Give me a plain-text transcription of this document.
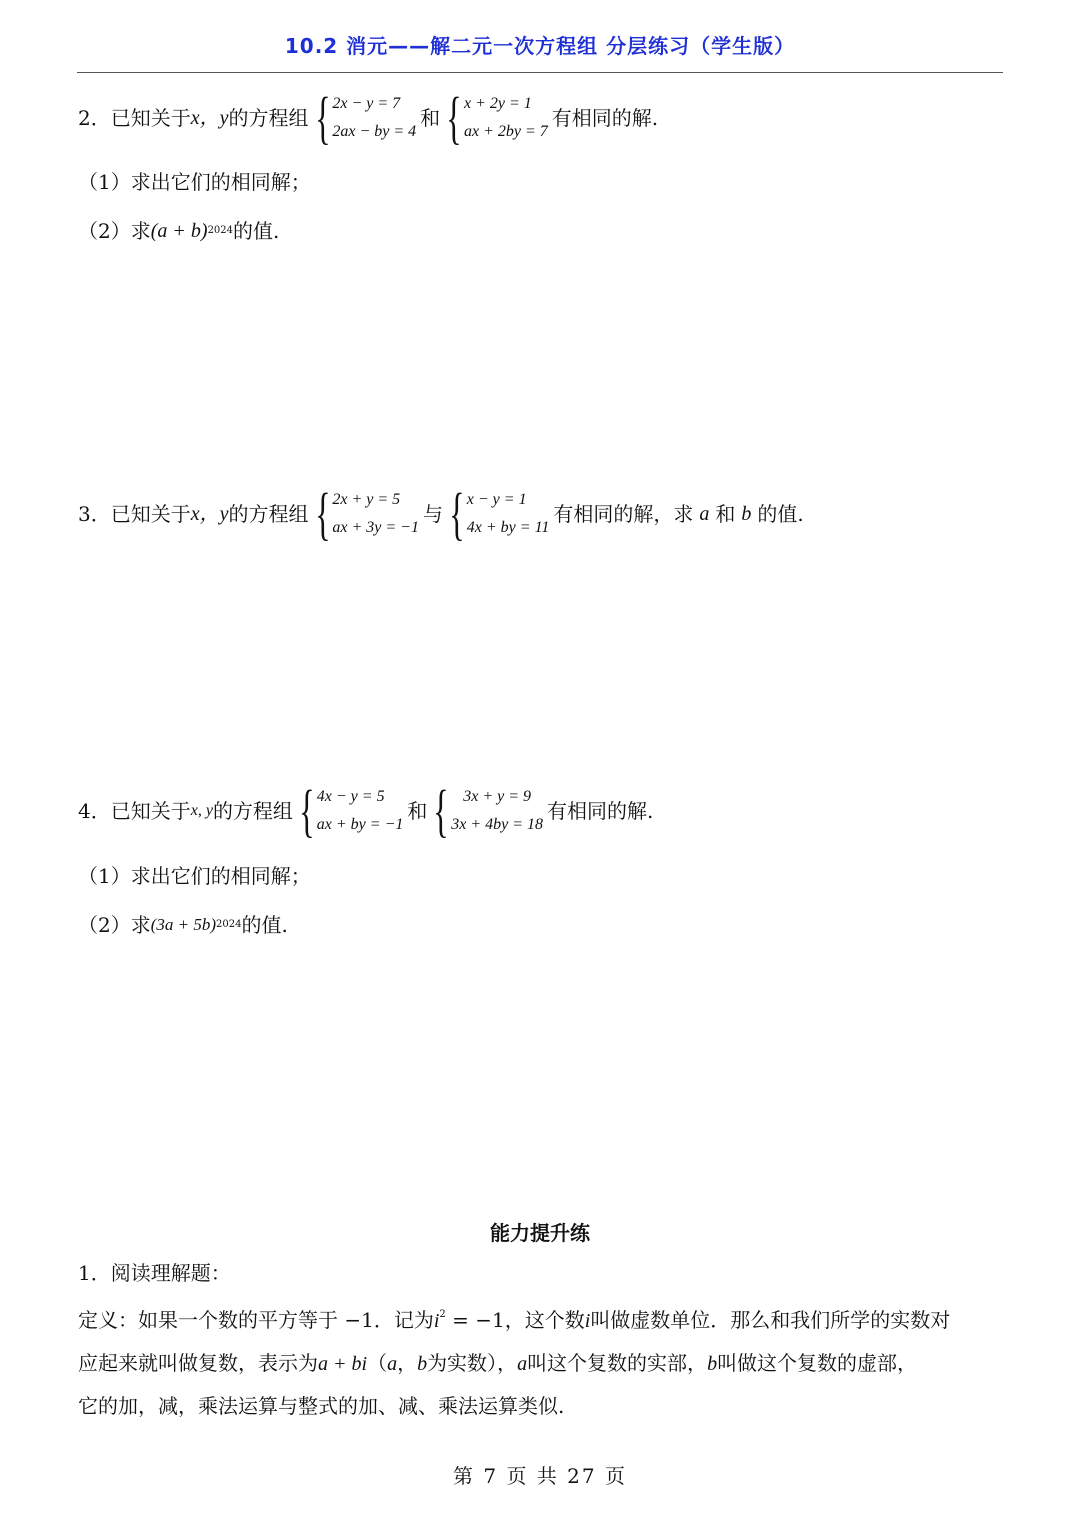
10.2 消元——解二元一次方程组 分层练习（学生版）
2．已知关于 x，y 的方程组 { 2x − y = 7
2ax − by = 4
和 { x + 2y = 1
ax + 2by = 7
有相同的解.
（1）求出它们的相同解；
（2）求 (a + b) 2024 的值.
3．已知关于 x，y 的方程组 { 2x + y = 5
ax + 3y = −1
与 { x − y = 1
4x + by = 11
有相同的解，求 a 和 b 的值.
4．已知关于 x, y 的方程组 { 4x − y = 5
ax + by = −1
和 { 3x + y = 9
3x + 4by = 18
有相同的解.
（1）求出它们的相同解；
（2）求 (3a + 5b) 2024 的值.
能力提升练
1．阅读理解题：
定义：如果一个数的平方等于 −1．记为$i^2 = -1$，这个数i叫做虚数单位．那么和我们所学的实数对
应起来就叫做复数，表示为a + bi（a，b为实数），a叫这个复数的实部，b叫做这个复数的虚部，
它的加，减，乘法运算与整式的加、减、乘法运算类似.
第 7 页 共 27 页
